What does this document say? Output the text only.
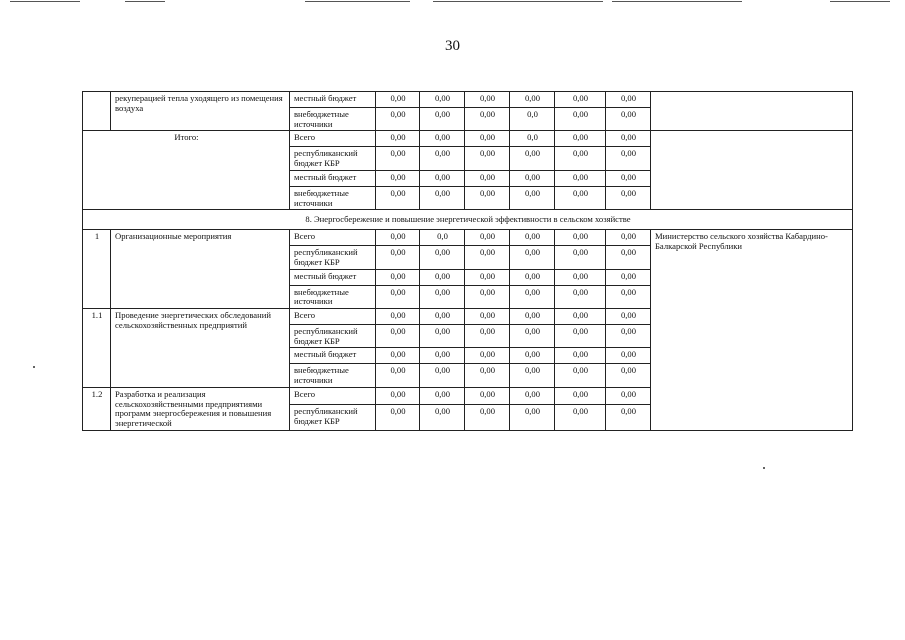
30
	рекуперацией тепла уходящего из помещения воздуха	местный бюджет	0,00	0,00	0,00	0,00	0,00	0,00	
		внебюджетные источники	0,00	0,00	0,00	0,0	0,00	0,00	
Итого:		Всего	0,00	0,00	0,00	0,0	0,00	0,00	
		республиканский бюджет КБР	0,00	0,00	0,00	0,00	0,00	0,00	
		местный бюджет	0,00	0,00	0,00	0,00	0,00	0,00	
		внебюджетные источники	0,00	0,00	0,00	0,00	0,00	0,00	
8. Энергосбережение и повышение энергетической эффективности в сельском хозяйстве									
1	Организационные мероприятия	Всего	0,00	0,0	0,00	0,00	0,00	0,00	Министерство сельского хозяйства Кабардино-Балкарской Республики
		республиканский бюджет КБР	0,00	0,00	0,00	0,00	0,00	0,00	
		местный бюджет	0,00	0,00	0,00	0,00	0,00	0,00	
		внебюджетные источники	0,00	0,00	0,00	0,00	0,00	0,00	
1.1	Проведение энергетических обследований сельскохозяйственных предприятий	Всего	0,00	0,00	0,00	0,00	0,00	0,00	
		республиканский бюджет КБР	0,00	0,00	0,00	0,00	0,00	0,00	
		местный бюджет	0,00	0,00	0,00	0,00	0,00	0,00	
		внебюджетные источники	0,00	0,00	0,00	0,00	0,00	0,00	
1.2	Разработка и реализация сельскохозяйственными предприятиями программ энергосбережения и повышения энергетической	Всего	0,00	0,00	0,00	0,00	0,00	0,00	
		республиканский бюджет КБР	0,00	0,00	0,00	0,00	0,00	0,00	
